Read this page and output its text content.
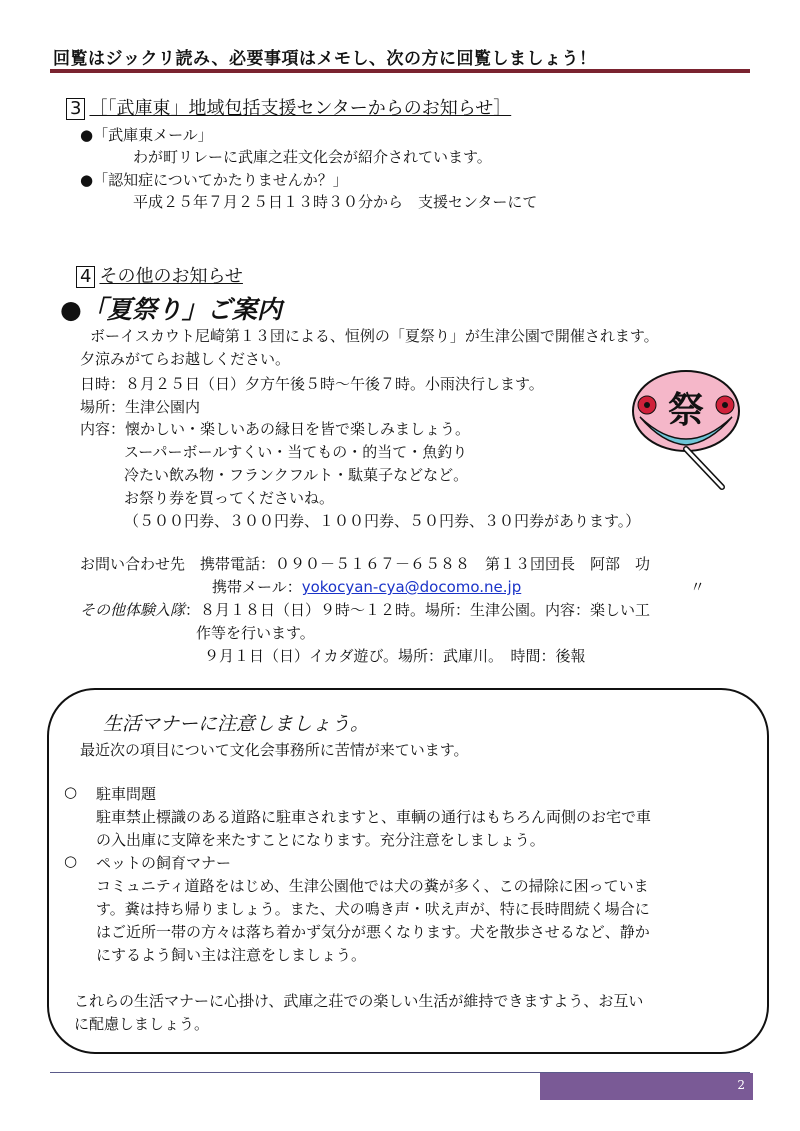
回覧はジックリ読み、必要事項はメモし、次の方に回覧しましょう！
3 ［「武庫東」地域包括支援センターからのお知らせ］
●「武庫東メール」
わが町リレーに武庫之荘文化会が紹介されています。
●「認知症についてかたりませんか？」
平成２５年７月２５日１３時３０分から　支援センターにて
4 その他のお知らせ
●「夏祭り」ご案内
ボーイスカウト尼崎第１３団による、恒例の「夏祭り」が生津公園で開催されます。
夕涼みがてらお越しください。
日時：８月２５日（日）夕方午後５時～午後７時。小雨決行します。
場所：生津公園内
内容：懐かしい・楽しいあの縁日を皆で楽しみましょう。
スーパーボールすくい・当てもの・的当て・魚釣り
冷たい飲み物・フランクフルト・駄菓子などなど。
お祭り券を買ってくださいね。
（５００円券、３００円券、１００円券、５０円券、３０円券があります。）
お問い合わせ先　携帯電話：０９０－５１６７－６５８８　第１３団団長　阿部　功
携帯メール：yokocyan-cya@docomo.ne.jp	〃
その他体験入隊：８月１８日（日）９時～１２時。場所：生津公園。内容：楽しい工
作等を行います。
９月１日（日）イカダ遊び。場所：武庫川。　時間：後報
祭
生活マナーに注意しましょう。
最近次の項目について文化会事務所に苦情が来ています。
○ 駐車問題
駐車禁止標識のある道路に駐車されますと、車輌の通行はもちろん両側のお宅で車
の入出庫に支障を来たすことになります。充分注意をしましょう。
○ ペットの飼育マナー
コミュニティ道路をはじめ、生津公園他では犬の糞が多く、この掃除に困っていま
す。糞は持ち帰りましょう。また、犬の鳴き声・吠え声が、特に長時間続く場合に
はご近所一帯の方々は落ち着かず気分が悪くなります。犬を散歩させるなど、静か
にするよう飼い主は注意をしましょう。
これらの生活マナーに心掛け、武庫之荘での楽しい生活が維持できますよう、お互い
に配慮しましょう。
2
